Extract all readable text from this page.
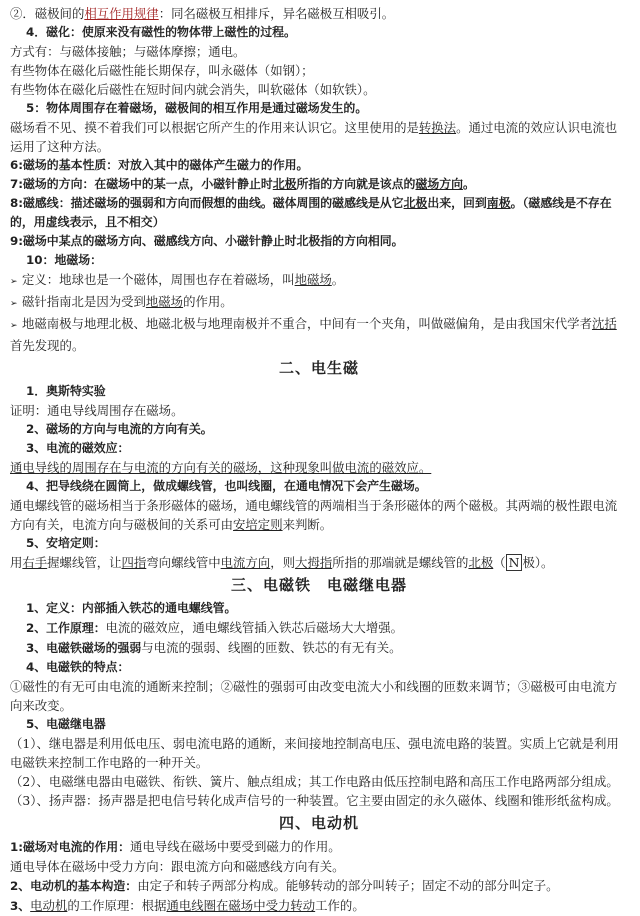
②．磁极间的相互作用规律：同名磁极互相排斥，异名磁极互相吸引。
4．磁化：使原来没有磁性的物体带上磁性的过程。
方式有：与磁体接触；与磁体摩擦；通电。
有些物体在磁化后磁性能长期保存，叫永磁体（如钢）；
有些物体在磁化后磁性在短时间内就会消失，叫软磁体（如软铁）。
5：物体周围存在着磁场，磁极间的相互作用是通过磁场发生的。
磁场看不见、摸不着我们可以根据它所产生的作用来认识它。这里使用的是转换法。通过电流的效应认识电流也运用了这种方法。
6:磁场的基本性质：对放入其中的磁体产生磁力的作用。
7:磁场的方向：在磁场中的某一点，小磁针静止时北极所指的方向就是该点的磁场方向。
8:磁感线：描述磁场的强弱和方向而假想的曲线。磁体周围的磁感线是从它北极出来，回到南极。（磁感线是不存在的，用虚线表示，且不相交）
9:磁场中某点的磁场方向、磁感线方向、小磁针静止时北极指的方向相同。
10：地磁场：
➢ 定义：地球也是一个磁体，周围也存在着磁场，叫地磁场。
➢ 磁针指南北是因为受到地磁场的作用。
➢ 地磁南极与地理北极、地磁北极与地理南极并不重合，中间有一个夹角，叫做磁偏角，是由我国宋代学者沈括首先发现的。
二、电生磁
1．奥斯特实验
证明：通电导线周围存在磁场。
2、磁场的方向与电流的方向有关。
3、电流的磁效应：
通电导线的周围存在与电流的方向有关的磁场，这种现象叫做电流的磁效应。
4、把导线绕在圆筒上，做成螺线管，也叫线圈，在通电情况下会产生磁场。
通电螺线管的磁场相当于条形磁体的磁场，通电螺线管的两端相当于条形磁体的两个磁极。其两端的极性跟电流方向有关，电流方向与磁极间的关系可由安培定则来判断。
5、安培定则：
用右手握螺线管，让四指弯向螺线管中电流方向，则大拇指所指的那端就是螺线管的北极（ N 极）。
三、电磁铁　电磁继电器
1、定义：内部插入铁芯的通电螺线管。
2、工作原理：电流的磁效应，通电螺线管插入铁芯后磁场大大增强。
3、电磁铁磁场的强弱与电流的强弱、线圈的匝数、铁芯的有无有关。
4、电磁铁的特点：
①磁性的有无可由电流的通断来控制；②磁性的强弱可由改变电流大小和线圈的匝数来调节；③磁极可由电流方向来改变。
5、电磁继电器
（1）、继电器是利用低电压、弱电流电路的通断，来间接地控制高电压、强电流电路的装置。实质上它就是利用电磁铁来控制工作电路的一种开关。
（2）、电磁继电器由电磁铁、衔铁、簧片、触点组成；其工作电路由低压控制电路和高压工作电路两部分组成。
（3）、扬声器：扬声器是把电信号转化成声信号的一种装置。它主要由固定的永久磁体、线圈和锥形纸盆构成。
四、电动机
1:磁场对电流的作用：通电导线在磁场中要受到磁力的作用。
通电导体在磁场中受力方向：跟电流方向和磁感线方向有关。
2、电动机的基本构造：由定子和转子两部分构成。能够转动的部分叫转子；固定不动的部分叫定子。
3、电动机的工作原理：根据通电线圈在磁场中受力转动工作的。
